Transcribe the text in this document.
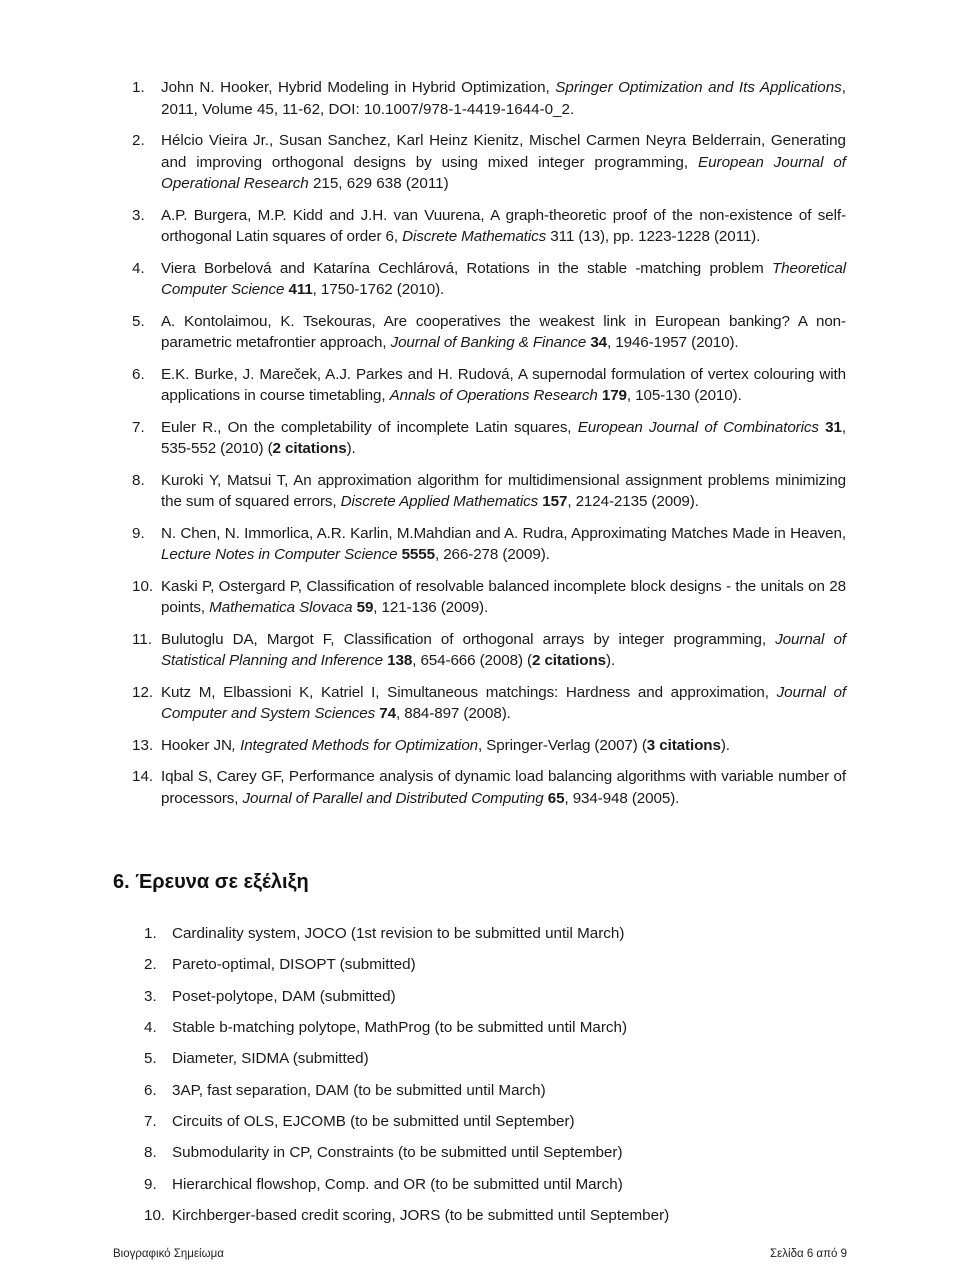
1.	John N. Hooker, Hybrid Modeling in Hybrid Optimization, Springer Optimization and Its Applications, 2011, Volume 45, 11-62, DOI: 10.1007/978-1-4419-1644-0_2.
2.	Hélcio Vieira Jr., Susan Sanchez, Karl Heinz Kienitz, Mischel Carmen Neyra Belderrain, Generating and improving orthogonal designs by using mixed integer programming, European Journal of Operational Research 215, 629 638 (2011)
3.	A.P. Burgera, M.P. Kidd and J.H. van Vuurena, A graph-theoretic proof of the non-existence of self-orthogonal Latin squares of order 6, Discrete Mathematics 311 (13), pp. 1223-1228 (2011).
4.	Viera Borbelová and Katarína Cechlárová, Rotations in the stable -matching problem Theoretical Computer Science 411, 1750-1762 (2010).
5.	A. Kontolaimou, K. Tsekouras, Are cooperatives the weakest link in European banking? A non-parametric metafrontier approach, Journal of Banking & Finance 34, 1946-1957 (2010).
6.	E.K. Burke, J. Mareček, A.J. Parkes and H. Rudová, A supernodal formulation of vertex colouring with applications in course timetabling, Annals of Operations Research 179, 105-130 (2010).
7.	Euler R., On the completability of incomplete Latin squares, European Journal of Combinatorics 31, 535-552 (2010) (2 citations).
8.	Kuroki Y, Matsui T, An approximation algorithm for multidimensional assignment problems minimizing the sum of squared errors, Discrete Applied Mathematics 157, 2124-2135 (2009).
9.	N. Chen, N. Immorlica, A.R. Karlin, M.Mahdian and A. Rudra, Approximating Matches Made in Heaven, Lecture Notes in Computer Science 5555, 266-278 (2009).
10. Kaski P, Ostergard P, Classification of resolvable balanced incomplete block designs - the unitals on 28 points, Mathematica Slovaca 59, 121-136 (2009).
11. Bulutoglu DA, Margot F, Classification of orthogonal arrays by integer programming, Journal of Statistical Planning and Inference 138, 654-666 (2008) (2 citations).
12. Kutz M, Elbassioni K, Katriel I, Simultaneous matchings: Hardness and approximation, Journal of Computer and System Sciences 74, 884-897 (2008).
13. Hooker JN, Integrated Methods for Optimization, Springer-Verlag (2007) (3 citations).
14. Iqbal S, Carey GF, Performance analysis of dynamic load balancing algorithms with variable number of processors, Journal of Parallel and Distributed Computing 65, 934-948 (2005).
6. Έρευνα σε εξέλιξη
1.	Cardinality system, JOCO (1st revision to be submitted until March)
2.	Pareto-optimal, DISOPT (submitted)
3.	Poset-polytope, DAM (submitted)
4.	Stable b-matching polytope, MathProg (to be submitted until March)
5.	Diameter, SIDMA (submitted)
6.	3AP, fast separation, DAM (to be submitted until March)
7.	Circuits of OLS, EJCOMB (to be submitted until September)
8.	Submodularity in CP, Constraints (to be submitted until September)
9.	Hierarchical flowshop, Comp. and OR (to be submitted until March)
10. Kirchberger-based credit scoring, JORS (to be submitted until September)
Βιογραφικό Σημείωμα	Σελίδα 6 από 9
